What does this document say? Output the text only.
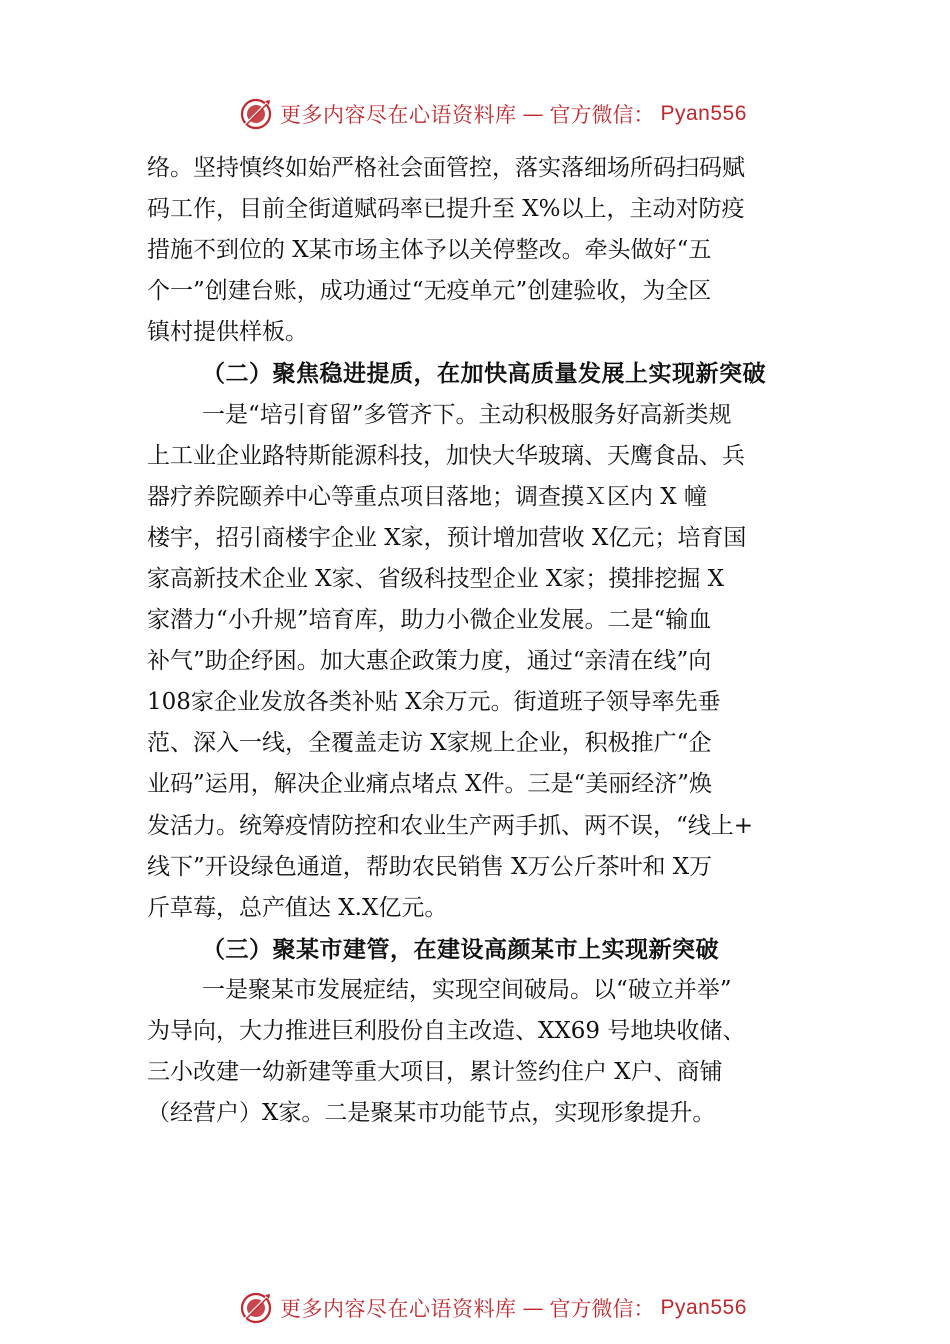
更多内容尽在心语资料库 — 官方微信： Pyan556
络。坚持慎终如始严格社会面管控，落实落细场所码扫码赋
码工作，目前全街道赋码率已提升至 X%以上，主动对防疫
措施不到位的 X某市场主体予以关停整改。牵头做好“五
个一”创建台账，成功通过“无疫单元”创建验收，为全区
镇村提供样板。
（二）聚焦稳进提质，在加快高质量发展上实现新突破
一是“培引育留”多管齐下。主动积极服务好高新类规
上工业企业路特斯能源科技，加快大华玻璃、天鹰食品、兵
器疗养院颐养中心等重点项目落地；调查摸Ｘ区内 X 幢
楼宇，招引商楼宇企业 X家，预计增加营收 X亿元；培育国
家高新技术企业 X家、省级科技型企业 X家；摸排挖掘 X
家潜力“小升规”培育库，助力小微企业发展。二是“输血
补气”助企纾困。加大惠企政策力度，通过“亲清在线”向
108家企业发放各类补贴 X余万元。街道班子领导率先垂
范、深入一线，全覆盖走访 X家规上企业，积极推广“企
业码”运用，解决企业痛点堵点 X件。三是“美丽经济”焕
发活力。统筹疫情防控和农业生产两手抓、两不误，“线上+
线下”开设绿色通道，帮助农民销售 X万公斤茶叶和 X万
斤草莓，总产值达 X.X亿元。
（三）聚某市建管，在建设高颜某市上实现新突破
一是聚某市发展症结，实现空间破局。以“破立并举”
为导向，大力推进巨利股份自主改造、XX69 号地块收储、
三小改建一幼新建等重大项目，累计签约住户 X户、商铺
（经营户）X家。二是聚某市功能节点，实现形象提升。
更多内容尽在心语资料库 — 官方微信： Pyan556
